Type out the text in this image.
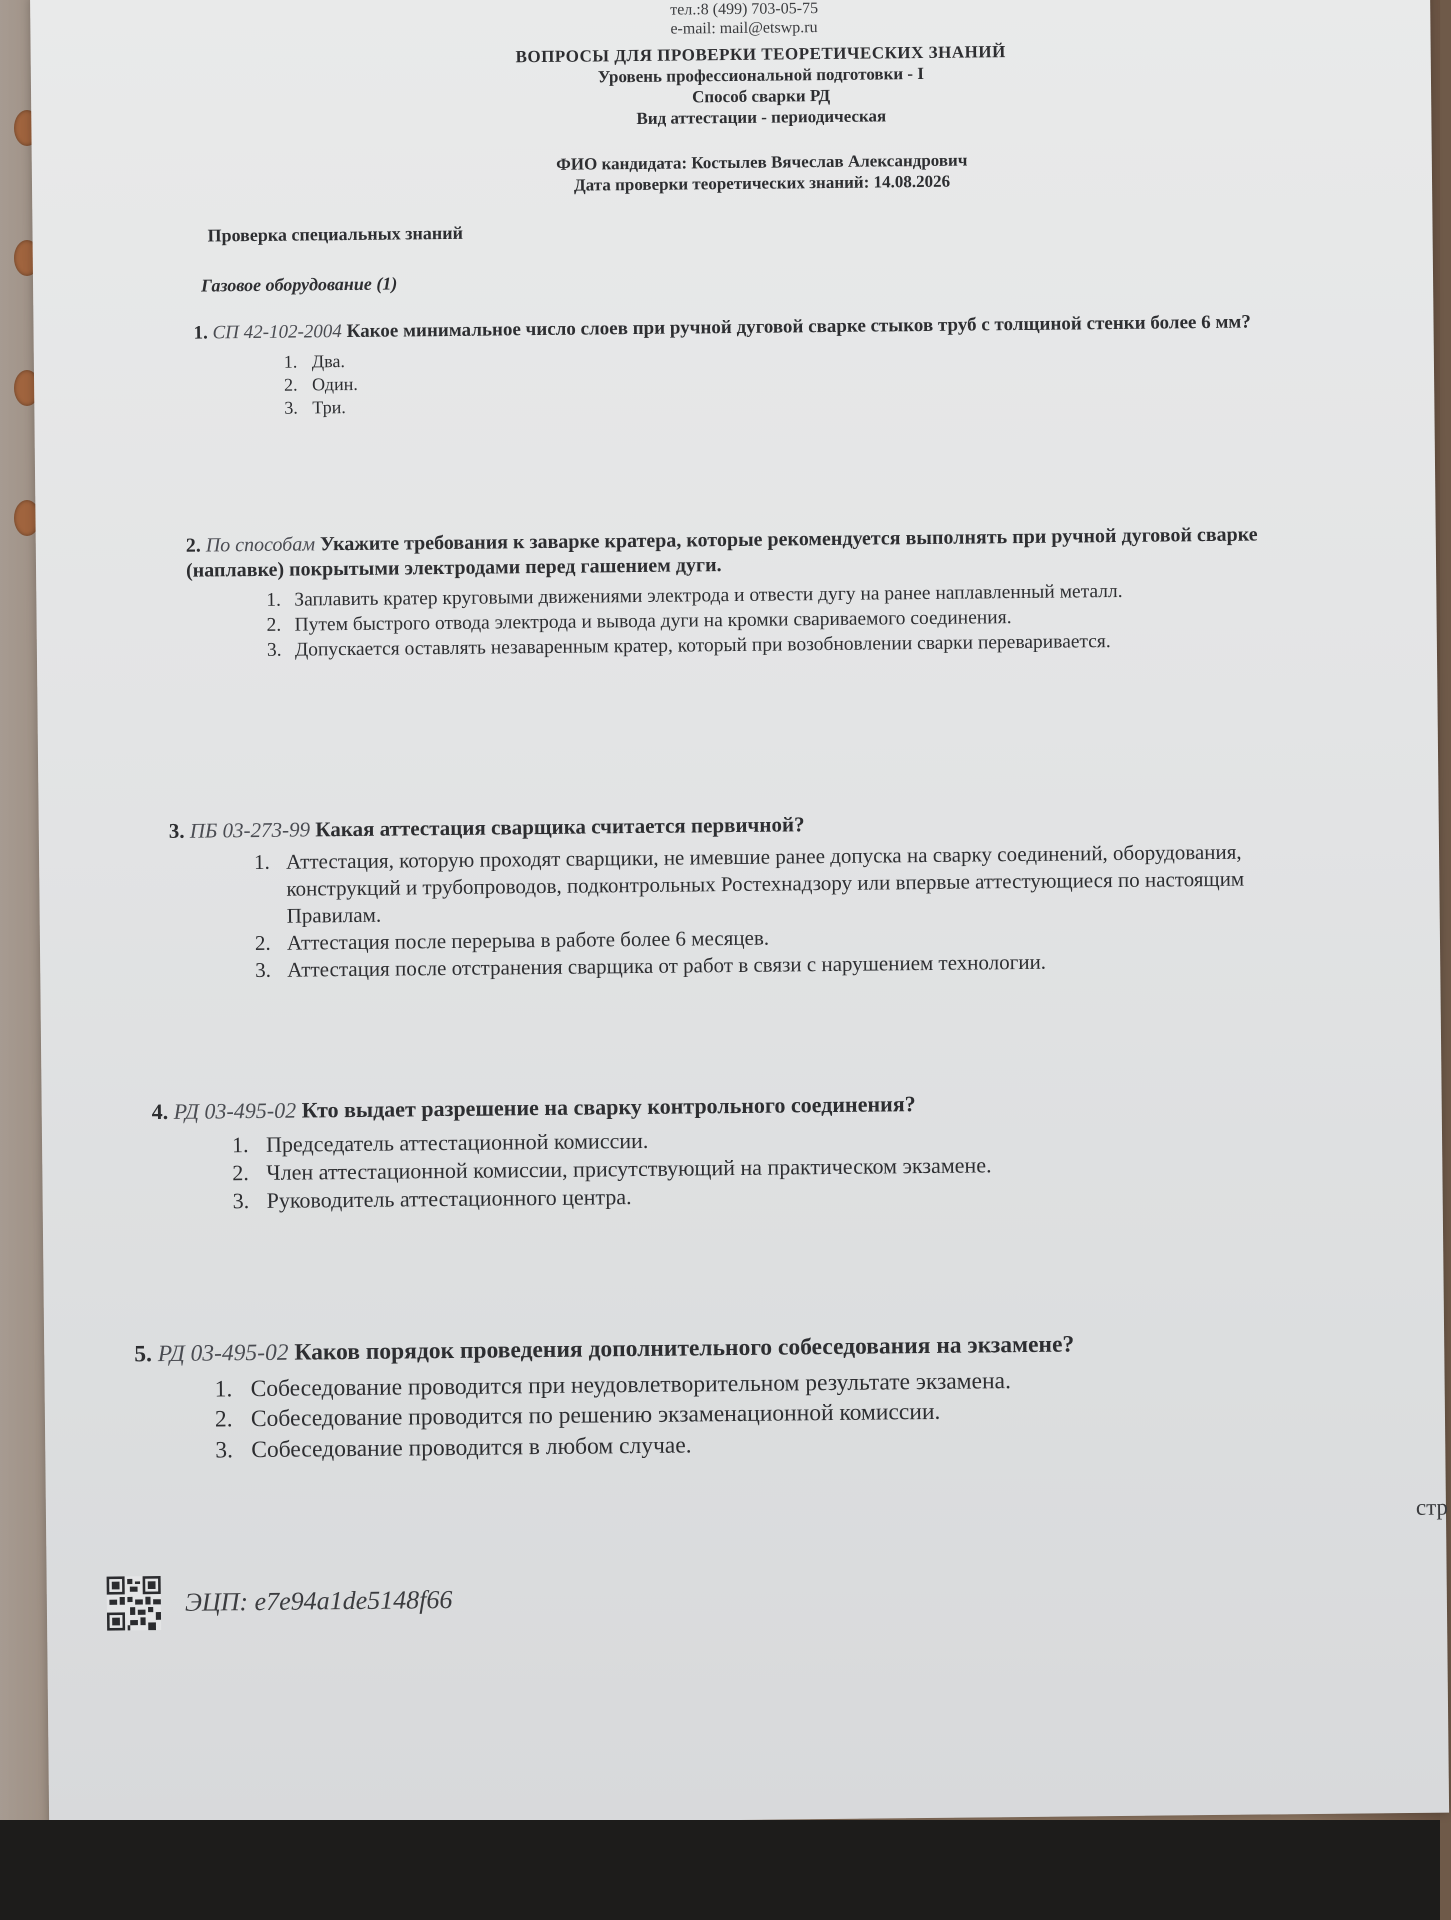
тел.:8 (499) 703-05-75
e-mail: mail@etswp.ru
ВОПРОСЫ ДЛЯ ПРОВЕРКИ ТЕОРЕТИЧЕСКИХ ЗНАНИЙ
Уровень профессиональной подготовки - I
Способ сварки РД
Вид аттестации - периодическая
ФИО кандидата: Костылев Вячеслав Александрович
Дата проверки теоретических знаний: 14.08.2026
Проверка специальных знаний
Газовое оборудование (1)
1. СП 42-102-2004 Какое минимальное число слоев при ручной дуговой сварке стыков труб с толщиной стенки более 6 мм?
1. Два.
2. Один.
3. Три.
2. По способам Укажите требования к заварке кратера, которые рекомендуется выполнять при ручной дуговой сварке (наплавке) покрытыми электродами перед гашением дуги.
1. Заплавить кратер круговыми движениями электрода и отвести дугу на ранее наплавленный металл.
2. Путем быстрого отвода электрода и вывода дуги на кромки свариваемого соединения.
3. Допускается оставлять незаваренным кратер, который при возобновлении сварки переваривается.
3. ПБ 03-273-99 Какая аттестация сварщика считается первичной?
1. Аттестация, которую проходят сварщики, не имевшие ранее допуска на сварку соединений, оборудования, конструкций и трубопроводов, подконтрольных Ростехнадзору или впервые аттестующиеся по настоящим Правилам.
2. Аттестация после перерыва в работе более 6 месяцев.
3. Аттестация после отстранения сварщика от работ в связи с нарушением технологии.
4. РД 03-495-02 Кто выдает разрешение на сварку контрольного соединения?
1. Председатель аттестационной комиссии.
2. Член аттестационной комиссии, присутствующий на практическом экзамене.
3. Руководитель аттестационного центра.
5. РД 03-495-02 Каков порядок проведения дополнительного собеседования на экзамене?
1. Собеседование проводится при неудовлетворительном результате экзамена.
2. Собеседование проводится по решению экзаменационной комиссии.
3. Собеседование проводится в любом случае.
стр
ЭЦП: e7e94a1de5148f66
